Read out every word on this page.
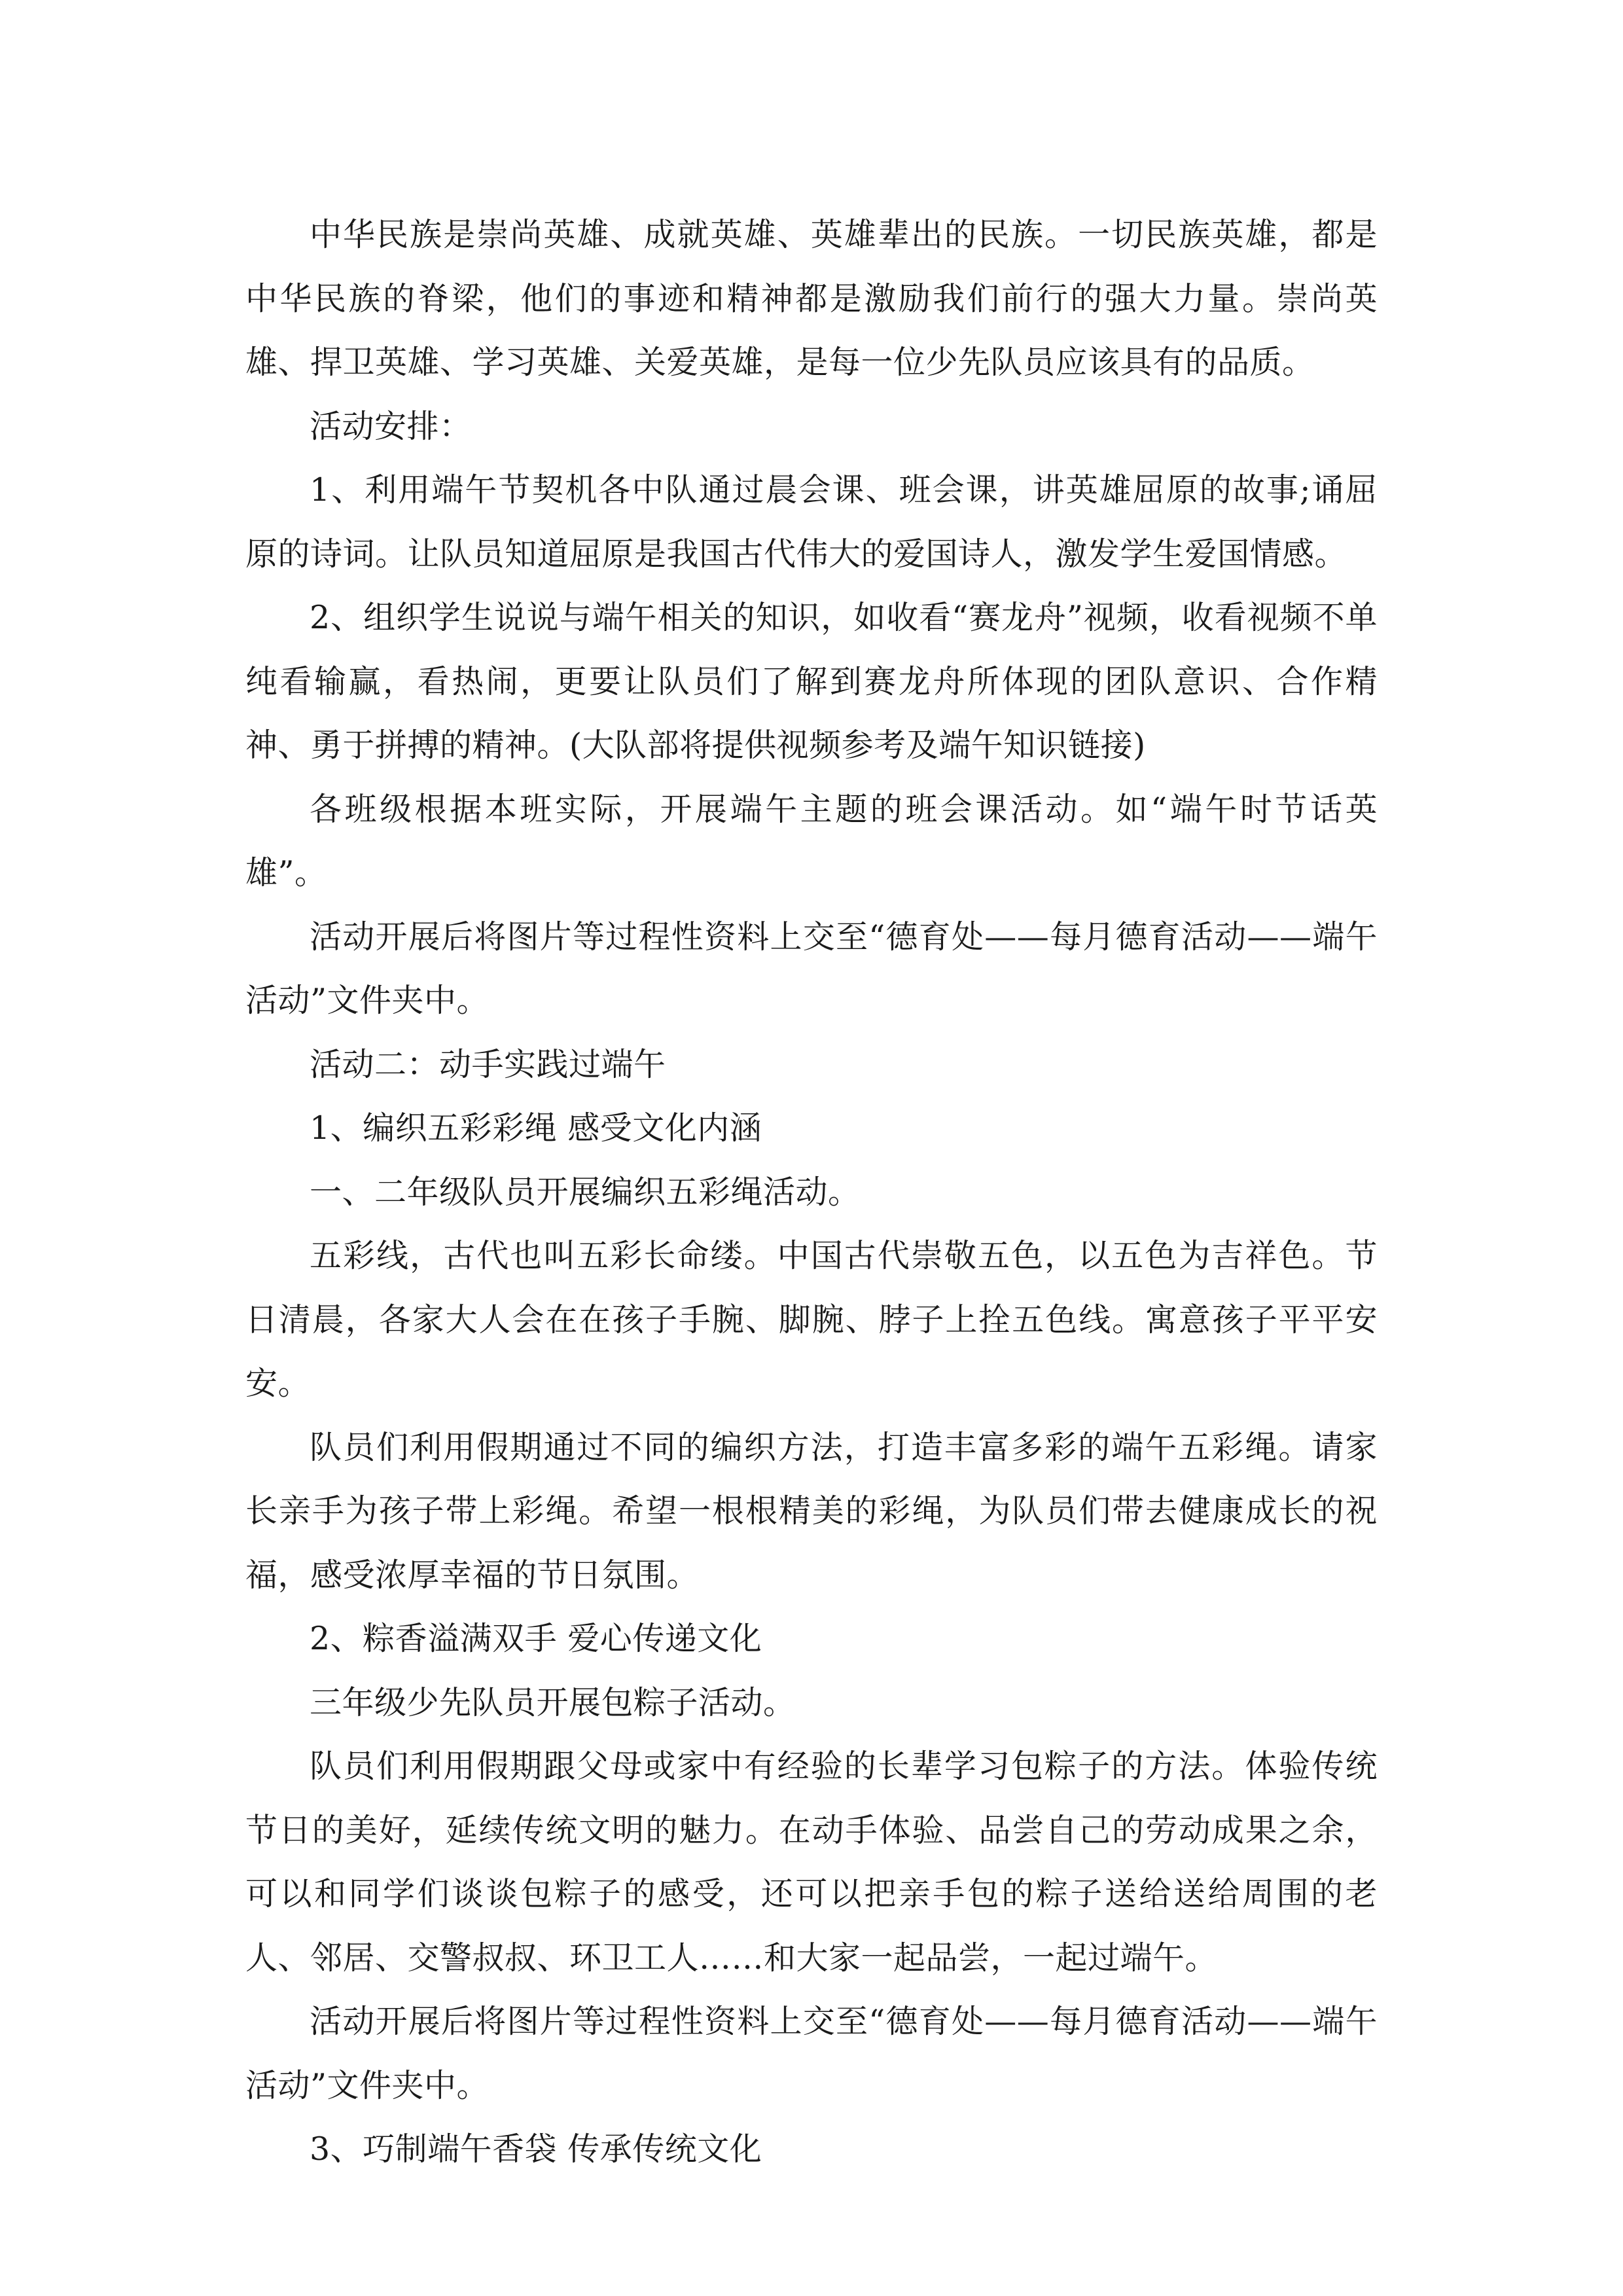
中华民族是崇尚英雄、成就英雄、英雄辈出的民族。一切民族英雄，都是中华民族的脊梁，他们的事迹和精神都是激励我们前行的强大力量。崇尚英雄、捍卫英雄、学习英雄、关爱英雄，是每一位少先队员应该具有的品质。

活动安排：

1、利用端午节契机各中队通过晨会课、班会课，讲英雄屈原的故事;诵屈原的诗词。让队员知道屈原是我国古代伟大的爱国诗人，激发学生爱国情感。

2、组织学生说说与端午相关的知识，如收看“赛龙舟”视频，收看视频不单纯看输赢，看热闹，更要让队员们了解到赛龙舟所体现的团队意识、合作精神、勇于拼搏的精神。(大队部将提供视频参考及端午知识链接)

各班级根据本班实际，开展端午主题的班会课活动。如“端午时节话英雄”。

活动开展后将图片等过程性资料上交至“德育处——每月德育活动——端午活动”文件夹中。

活动二：动手实践过端午

1、编织五彩彩绳 感受文化内涵

一、二年级队员开展编织五彩绳活动。

五彩线，古代也叫五彩长命缕。中国古代崇敬五色，以五色为吉祥色。节日清晨，各家大人会在在孩子手腕、脚腕、脖子上拴五色线。寓意孩子平平安安。

队员们利用假期通过不同的编织方法，打造丰富多彩的端午五彩绳。请家长亲手为孩子带上彩绳。希望一根根精美的彩绳，为队员们带去健康成长的祝福，感受浓厚幸福的节日氛围。

2、粽香溢满双手 爱心传递文化

三年级少先队员开展包粽子活动。

队员们利用假期跟父母或家中有经验的长辈学习包粽子的方法。体验传统节日的美好，延续传统文明的魅力。在动手体验、品尝自己的劳动成果之余，可以和同学们谈谈包粽子的感受，还可以把亲手包的粽子送给送给周围的老人、邻居、交警叔叔、环卫工人……和大家一起品尝，一起过端午。

活动开展后将图片等过程性资料上交至“德育处——每月德育活动——端午活动”文件夹中。

3、巧制端午香袋 传承传统文化
